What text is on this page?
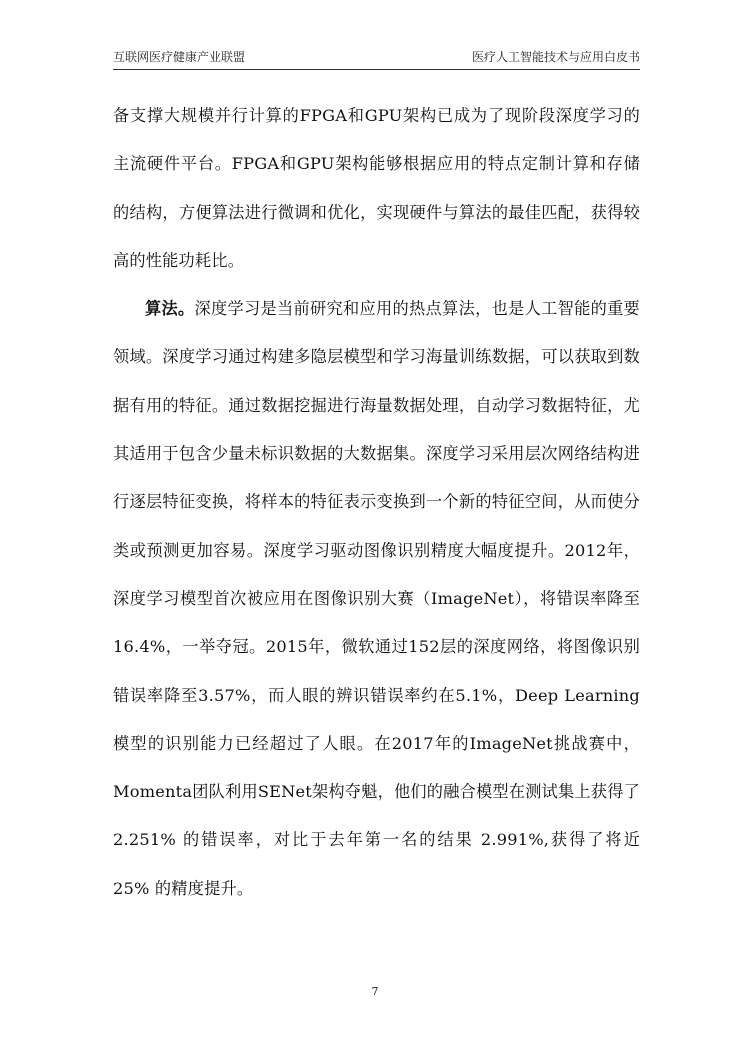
互联网医疗健康产业联盟	医疗人工智能技术与应用白皮书

备支撑大规模并行计算的FPGA和GPU架构已成为了现阶段深度学习的主流硬件平台。FPGA和GPU架构能够根据应用的特点定制计算和存储的结构，方便算法进行微调和优化，实现硬件与算法的最佳匹配，获得较高的性能功耗比。

算法。深度学习是当前研究和应用的热点算法，也是人工智能的重要领域。深度学习通过构建多隐层模型和学习海量训练数据，可以获取到数据有用的特征。通过数据挖掘进行海量数据处理，自动学习数据特征，尤其适用于包含少量未标识数据的大数据集。深度学习采用层次网络结构进行逐层特征变换，将样本的特征表示变换到一个新的特征空间，从而使分类或预测更加容易。深度学习驱动图像识别精度大幅度提升。2012年，深度学习模型首次被应用在图像识别大赛（ImageNet），将错误率降至16.4%，一举夺冠。2015年，微软通过152层的深度网络，将图像识别错误率降至3.57%，而人眼的辨识错误率约在5.1%，Deep Learning模型的识别能力已经超过了人眼。在2017年的ImageNet挑战赛中，Momenta团队利用SENet架构夺魁，他们的融合模型在测试集上获得了 2.251% 的错误率，对比于去年第一名的结果 2.991%,获得了将近 25% 的精度提升。

7
